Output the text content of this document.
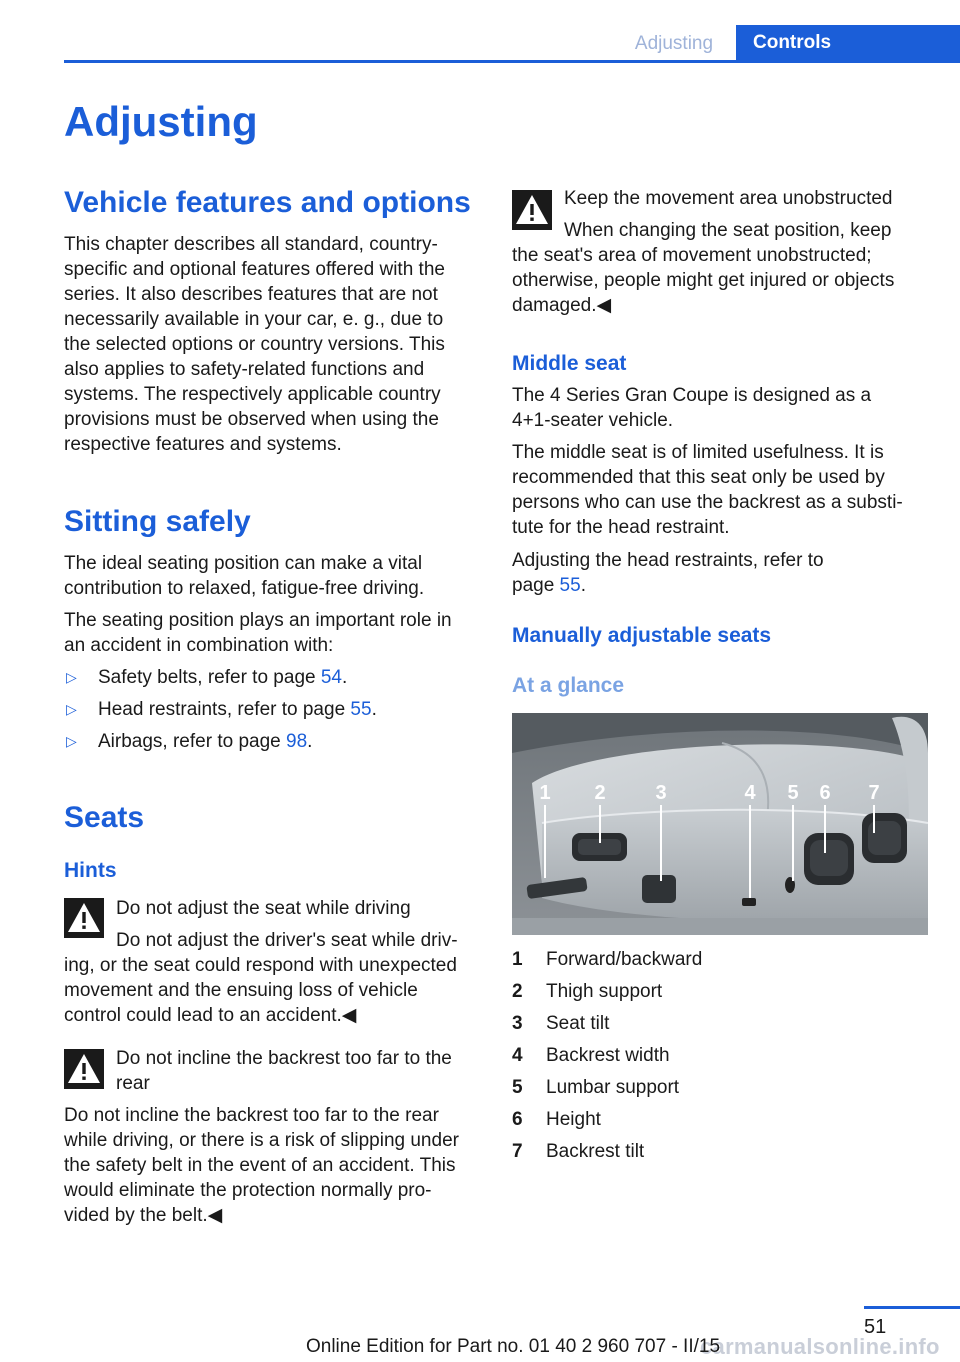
Adjusting	Controls
Adjusting
Vehicle features and options
This chapter describes all standard, country-
specific and optional features offered with the
series. It also describes features that are not
necessarily available in your car, e. g., due to
the selected options or country versions. This
also applies to safety-related functions and
systems. The respectively applicable country
provisions must be observed when using the
respective features and systems.
Sitting safely
The ideal seating position can make a vital
contribution to relaxed, fatigue-free driving.
The seating position plays an important role in
an accident in combination with:
▷	Safety belts, refer to page 54.
▷	Head restraints, refer to page 55.
▷	Airbags, refer to page 98.
Seats
Hints
Do not adjust the seat while driving
Do not adjust the driver's seat while driv-
ing, or the seat could respond with unexpected
movement and the ensuing loss of vehicle
control could lead to an accident.◀
Do not incline the backrest too far to the
rear
Do not incline the backrest too far to the rear
while driving, or there is a risk of slipping under
the safety belt in the event of an accident. This
would eliminate the protection normally pro-
vided by the belt.◀
Keep the movement area unobstructed
When changing the seat position, keep
the seat's area of movement unobstructed;
otherwise, people might get injured or objects
damaged.◀
Middle seat
The 4 Series Gran Coupe is designed as a
4+1-seater vehicle.
The middle seat is of limited usefulness. It is
recommended that this seat only be used by
persons who can use the backrest as a substi-
tute for the head restraint.
Adjusting the head restraints, refer to
page 55.
Manually adjustable seats
At a glance
1 2 3	4 5 6 7
1	Forward/backward
2	Thigh support
3	Seat tilt
4	Backrest width
5	Lumbar support
6	Height
7	Backrest tilt
51
carmanualsonline.info
Online Edition for Part no. 01 40 2 960 707 - II/15
